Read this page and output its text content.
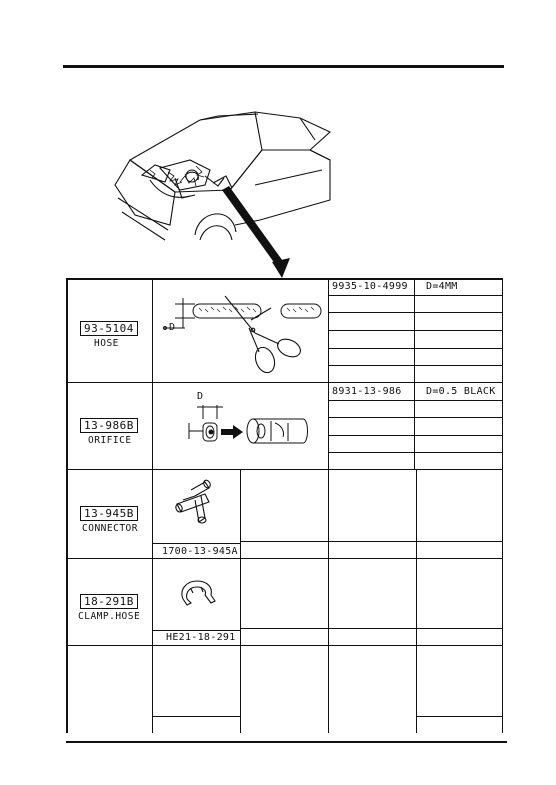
93-5104
HOSE
9935-10-4999 D=4MM
13-986B
ORIFICE
8931-13-986 D=0.5 BLACK
13-945B
CONNECTOR
1700-13-945A
18-291B
CLAMP.HOSE
HE21-18-291
D
D
